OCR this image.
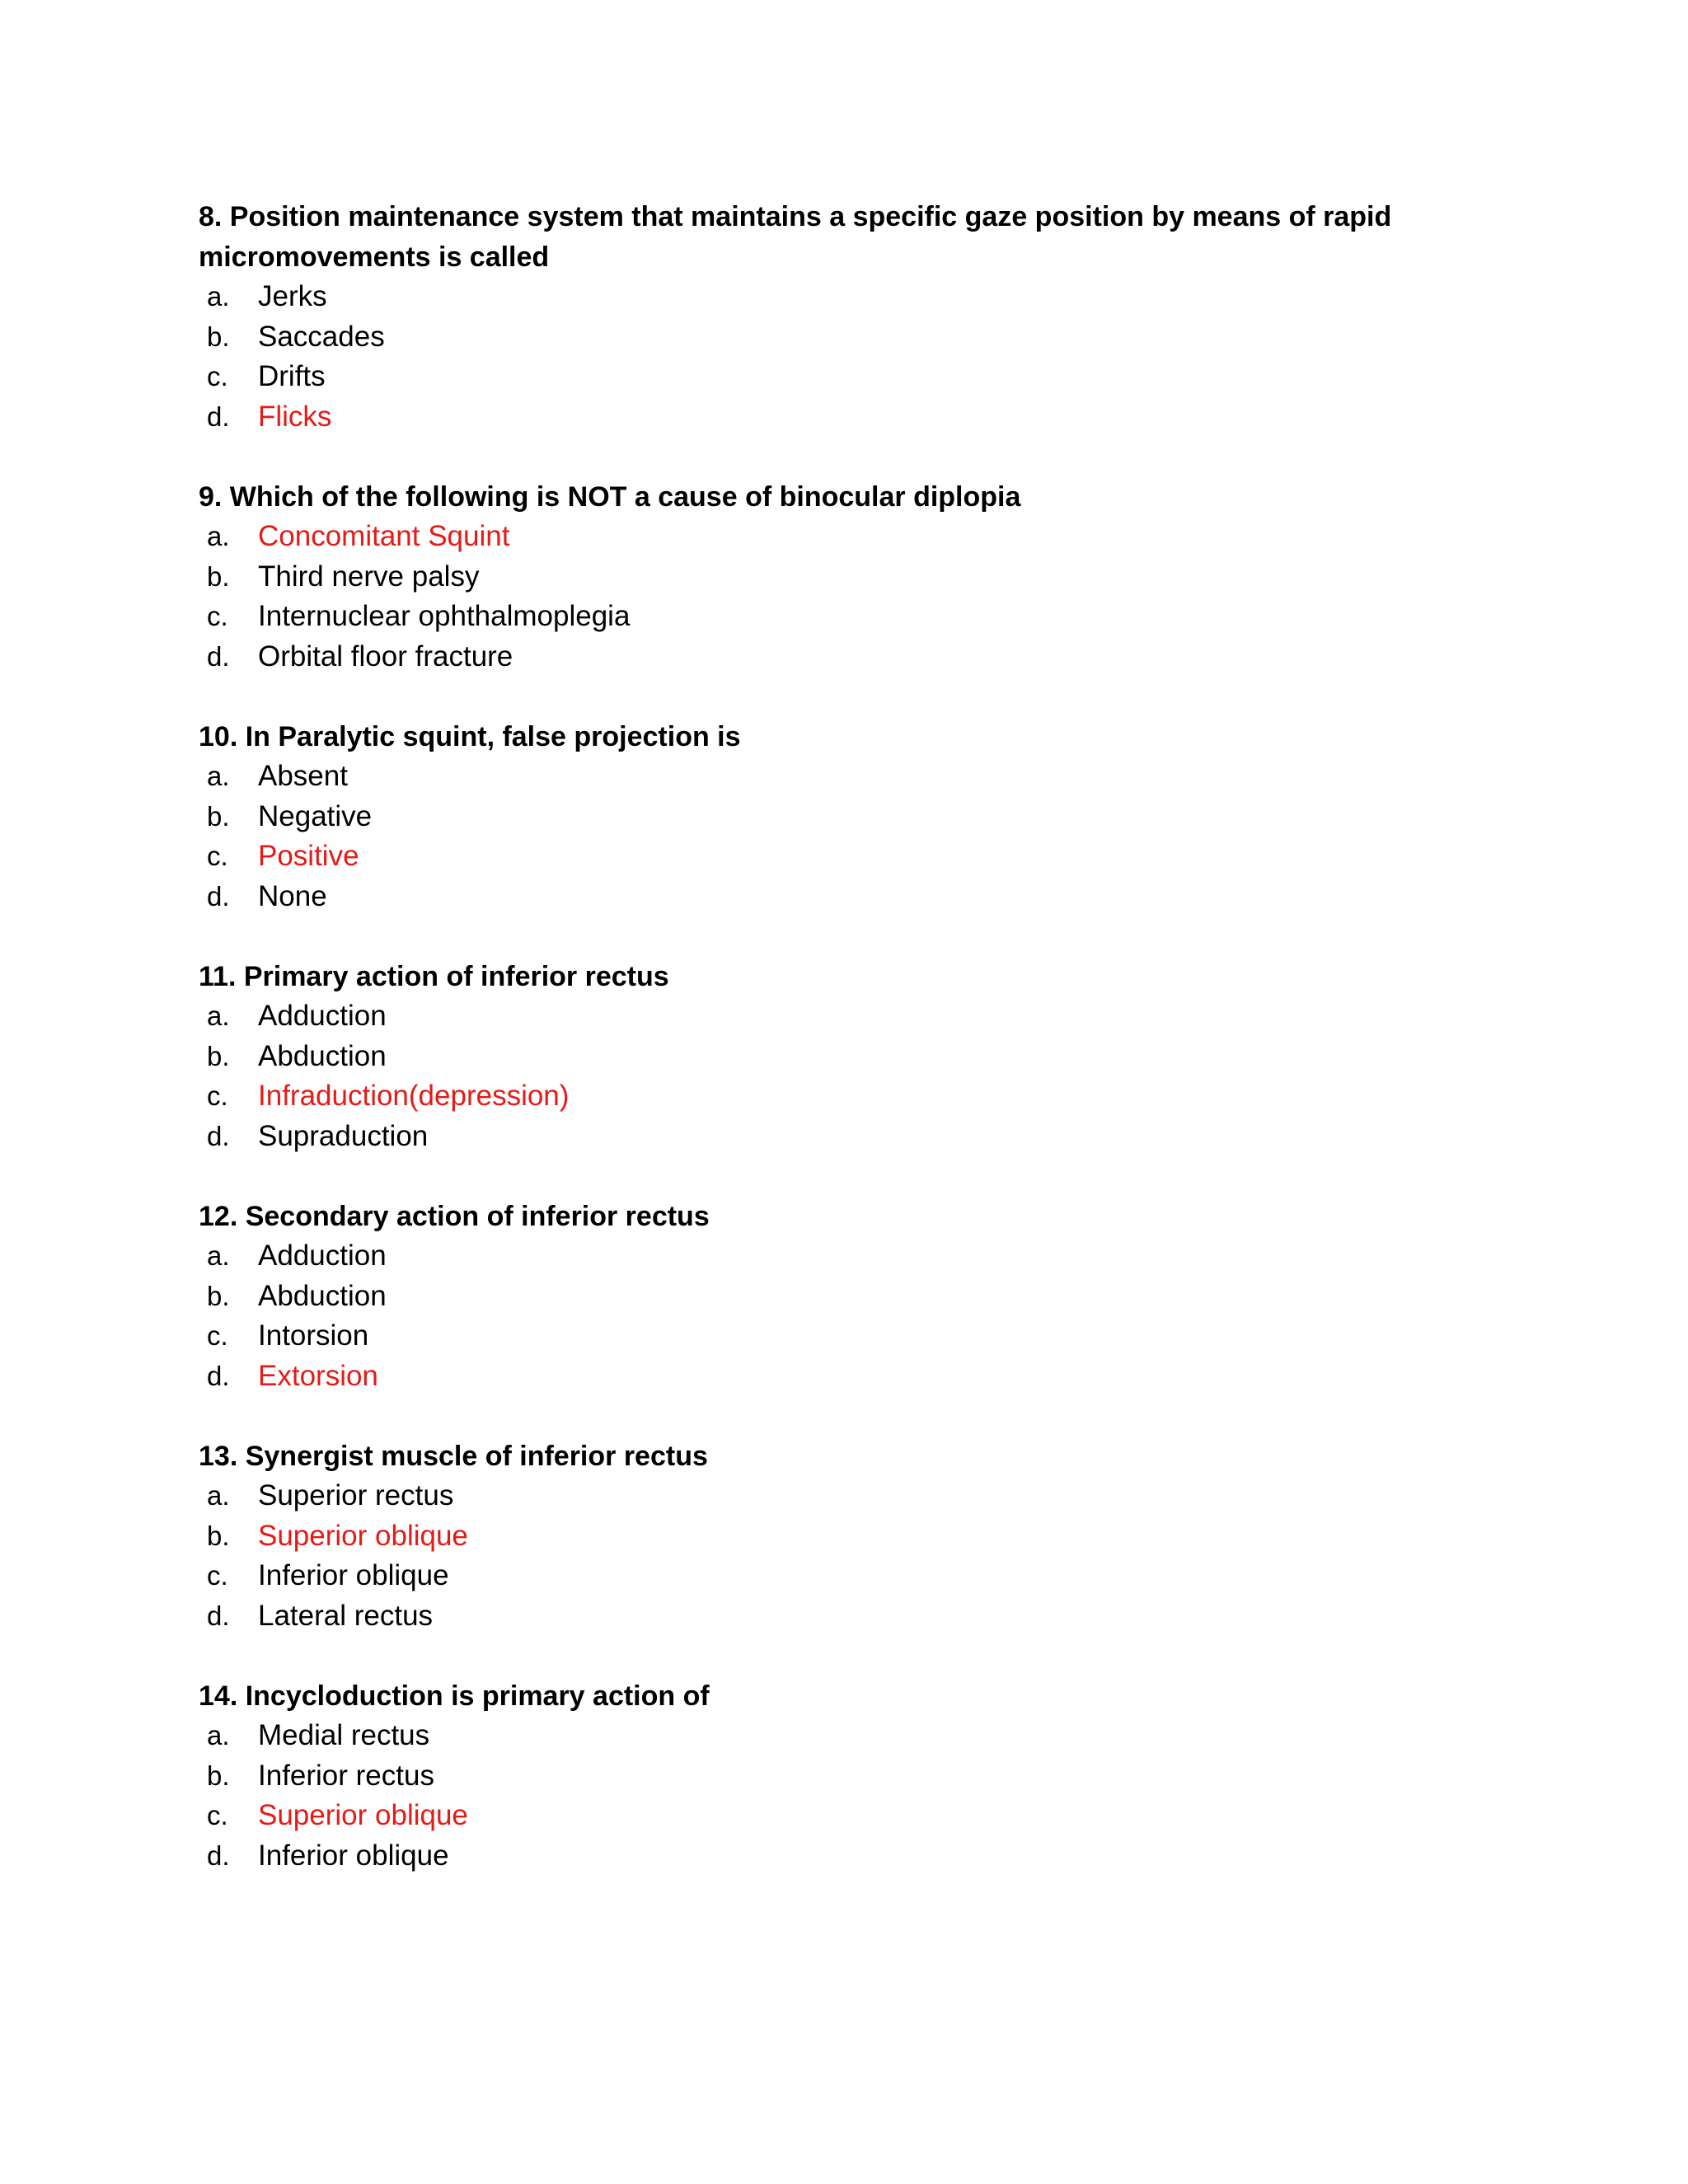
8. Position maintenance system that maintains a specific gaze position by means of rapid micromovements is called

a. Jerks
b. Saccades
c. Drifts
d. Flicks

9. Which of the following is NOT a cause of binocular diplopia

a. Concomitant Squint
b. Third nerve palsy
c. Internuclear ophthalmoplegia
d. Orbital floor fracture

10. In Paralytic squint, false projection is

a. Absent
b. Negative
c. Positive
d. None

11. Primary action of inferior rectus

a. Adduction
b. Abduction
c. Infraduction(depression)
d. Supraduction

12. Secondary action of inferior rectus

a. Adduction
b. Abduction
c. Intorsion
d. Extorsion

13. Synergist muscle of inferior rectus

a. Superior rectus
b. Superior oblique
c. Inferior oblique
d. Lateral rectus

14. Incycloduction is primary action of

a. Medial rectus
b. Inferior rectus
c. Superior oblique
d. Inferior oblique
